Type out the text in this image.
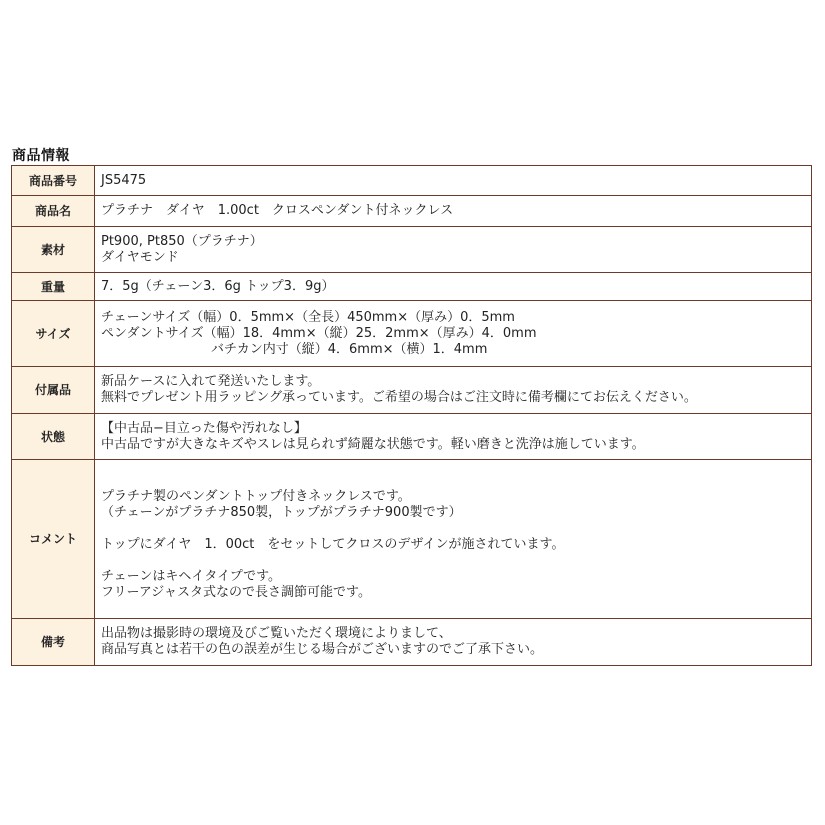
商品情報
商品番号	JS5475
商品名	プラチナ　ダイヤ　1.00ct　クロスペンダント付ネックレス
素材	Pt900, Pt850（プラチナ）
ダイヤモンド

重量	7．5g（チェーン3．6g トップ3．9g）
サイズ	チェーンサイズ（幅）0．5mm×（全長）450mm×（厚み）0．5mm
ペンダントサイズ（幅）18．4mm×（縦）25．2mm×（厚み）4．0mm
バチカン内寸（縦）4．6mm×（横）1．4mm

付属品	新品ケースに入れて発送いたします。
無料でプレゼント用ラッピング承っています。ご希望の場合はご注文時に備考欄にてお伝えください。

状態	【中古品−目立った傷や汚れなし】
中古品ですが大きなキズやスレは見られず綺麗な状態です。軽い磨きと洗浄は施しています。

コメント	プラチナ製のペンダントトップ付きネックレスです。
（チェーンがプラチナ850製，トップがプラチナ900製です）
トップにダイヤ　1．00ct　をセットしてクロスのデザインが施されています。
チェーンはキヘイタイプです。
フリーアジャスタ式なので長さ調節可能です。

備考	出品物は撮影時の環境及びご覧いただく環境によりまして、
商品写真とは若干の色の誤差が生じる場合がございますのでご了承下さい。
